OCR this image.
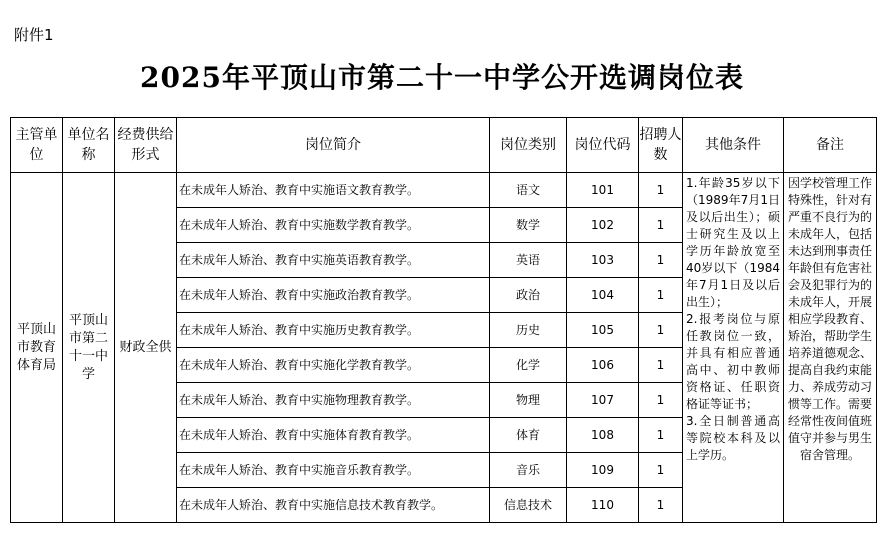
附件1
2025年平顶山市第二十一中学公开选调岗位表
主管单位	单位名称	经费供给形式	岗位简介	岗位类别	岗位代码	招聘人数	其他条件	备注
平顶山市教育体育局	平顶山市第二十一中学	财政全供	在未成年人矫治、教育中实施语文教育教学。	语文	101	1	1.年龄35岁以下（1989年7月1日及以后出生）；硕士研究生及以上学历年龄放宽至40岁以下（1984年7月1日及以后出生）；
2.报考岗位与原任教岗位一致，并具有相应普通高中、初中教师资格证、任职资格证等证书；
3.全日制普通高等院校本科及以上学历。	因学校管理工作特殊性，针对有严重不良行为的未成年人，包括未达到刑事责任年龄但有危害社会及犯罪行为的未成年人，开展相应学段教育、矫治，帮助学生培养道德观念、提高自我约束能力、养成劳动习惯等工作。需要经常性夜间值班值守并参与男生宿舍管理。
			在未成年人矫治、教育中实施数学教育教学。	数学	102	1		
			在未成年人矫治、教育中实施英语教育教学。	英语	103	1		
			在未成年人矫治、教育中实施政治教育教学。	政治	104	1		
			在未成年人矫治、教育中实施历史教育教学。	历史	105	1		
			在未成年人矫治、教育中实施化学教育教学。	化学	106	1		
			在未成年人矫治、教育中实施物理教育教学。	物理	107	1		
			在未成年人矫治、教育中实施体育教育教学。	体育	108	1		
			在未成年人矫治、教育中实施音乐教育教学。	音乐	109	1		
			在未成年人矫治、教育中实施信息技术教育教学。	信息技术	110	1		
